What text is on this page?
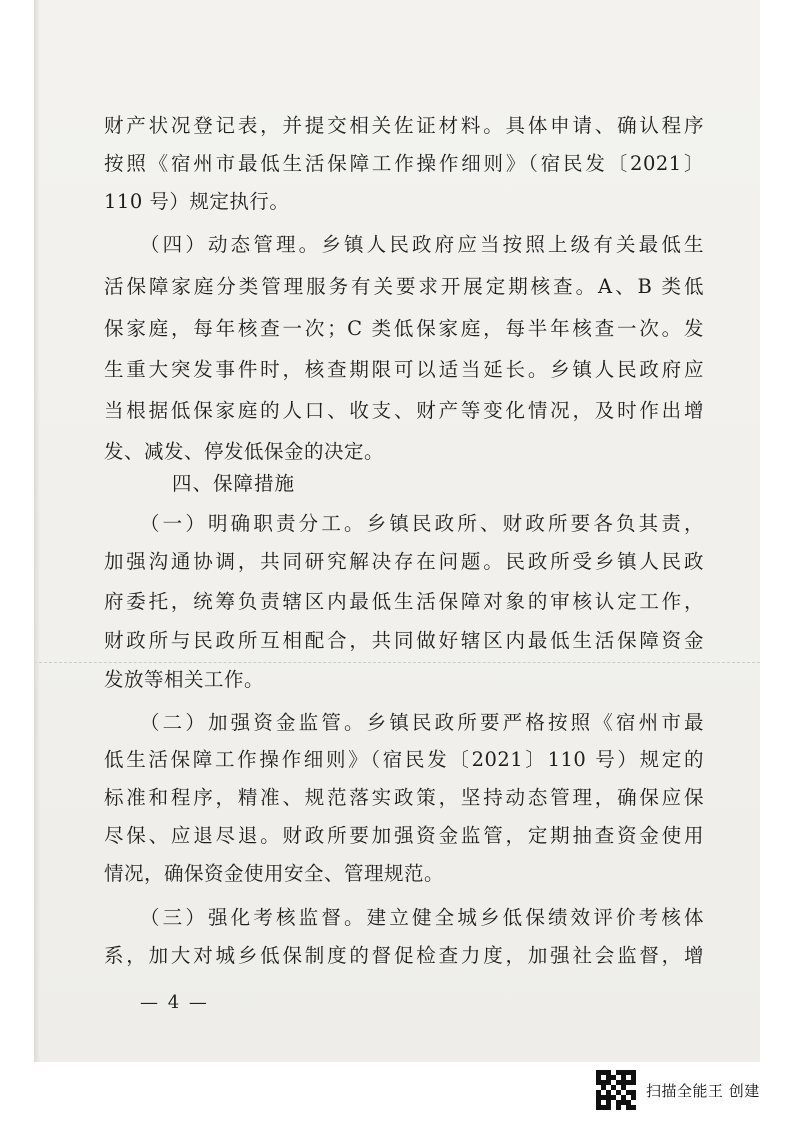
财产状况登记表，并提交相关佐证材料。具体申请、确认程序

按照《宿州市最低生活保障工作操作细则》（宿民发〔2021〕

110 号）规定执行。

（四）动态管理。乡镇人民政府应当按照上级有关最低生

活保障家庭分类管理服务有关要求开展定期核查。A、B 类低

保家庭，每年核查一次；C 类低保家庭，每半年核查一次。发

生重大突发事件时，核查期限可以适当延长。乡镇人民政府应

当根据低保家庭的人口、收支、财产等变化情况，及时作出增

发、减发、停发低保金的决定。

四、保障措施

（一）明确职责分工。乡镇民政所、财政所要各负其责，

加强沟通协调，共同研究解决存在问题。民政所受乡镇人民政

府委托，统筹负责辖区内最低生活保障对象的审核认定工作，

财政所与民政所互相配合，共同做好辖区内最低生活保障资金

发放等相关工作。

（二）加强资金监管。乡镇民政所要严格按照《宿州市最

低生活保障工作操作细则》（宿民发〔2021〕110 号）规定的

标准和程序，精准、规范落实政策，坚持动态管理，确保应保

尽保、应退尽退。财政所要加强资金监管，定期抽查资金使用

情况，确保资金使用安全、管理规范。

（三）强化考核监督。建立健全城乡低保绩效评价考核体

系，加大对城乡低保制度的督促检查力度，加强社会监督，增

— 4 —

扫描全能王 创建
